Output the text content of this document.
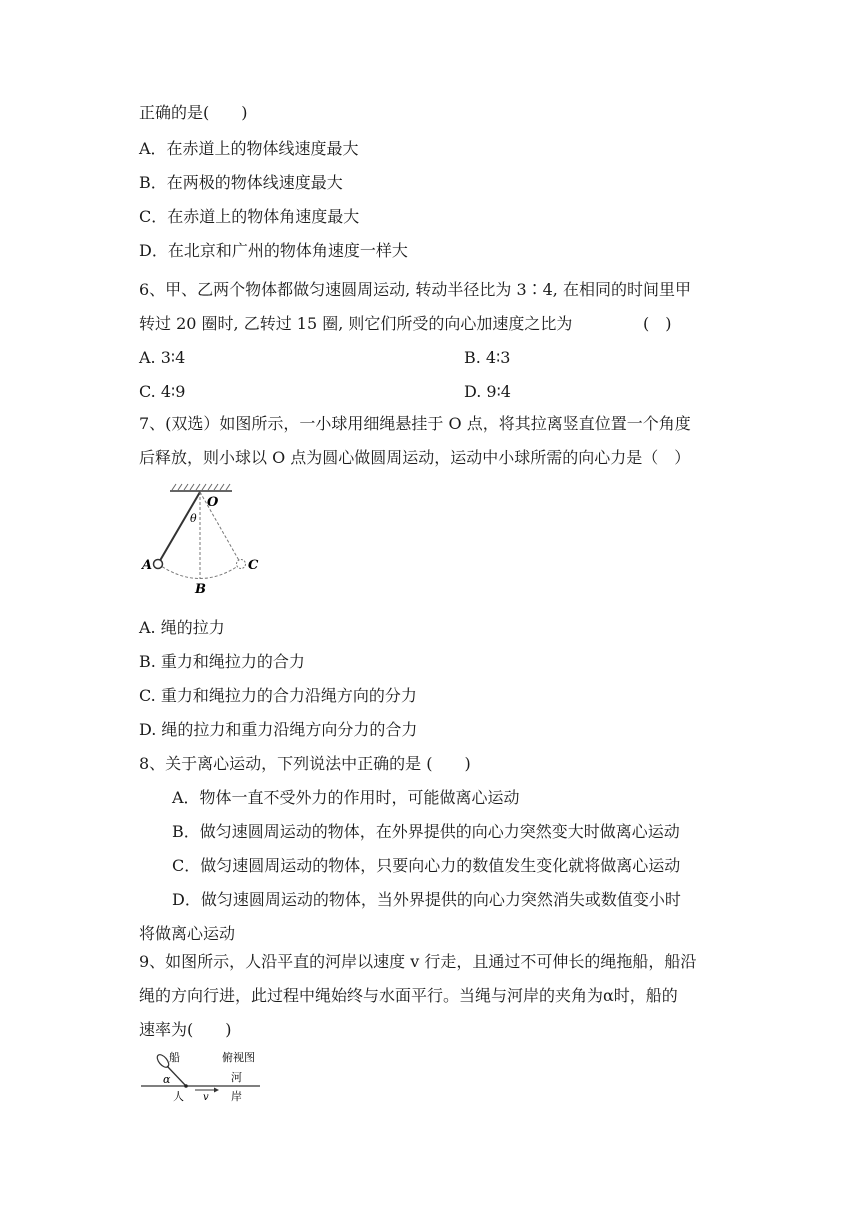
正确的是(　　)
A．在赤道上的物体线速度最大
B．在两极的物体线速度最大
C．在赤道上的物体角速度最大
D．在北京和广州的物体角速度一样大
6、甲、乙两个物体都做匀速圆周运动, 转动半径比为 3∶4, 在相同的时间里甲
转过 20 圈时, 乙转过 15 圈, 则它们所受的向心加速度之比为	(　)
A. 3∶4	B. 4∶3
C. 4∶9	D. 9∶4
7、(双选）如图所示，一小球用细绳悬挂于 O 点，将其拉离竖直位置一个角度
后释放，则小球以 O 点为圆心做圆周运动，运动中小球所需的向心力是（　）
O
θ
A
B
C
A. 绳的拉力
B. 重力和绳拉力的合力
C. 重力和绳拉力的合力沿绳方向的分力
D. 绳的拉力和重力沿绳方向分力的合力
8、关于离心运动，下列说法中正确的是 (　　)
A．物体一直不受外力的作用时，可能做离心运动
B．做匀速圆周运动的物体，在外界提供的向心力突然变大时做离心运动
C．做匀速圆周运动的物体，只要向心力的数值发生变化就将做离心运动
D．做匀速圆周运动的物体，当外界提供的向心力突然消失或数值变小时
将做离心运动
9、如图所示，人沿平直的河岸以速度 v 行走，且通过不可伸长的绳拖船，船沿
绳的方向行进，此过程中绳始终与水面平行。当绳与河岸的夹角为α时，船的
速率为(　　)
船	俯视图
α	河
人 v 岸
